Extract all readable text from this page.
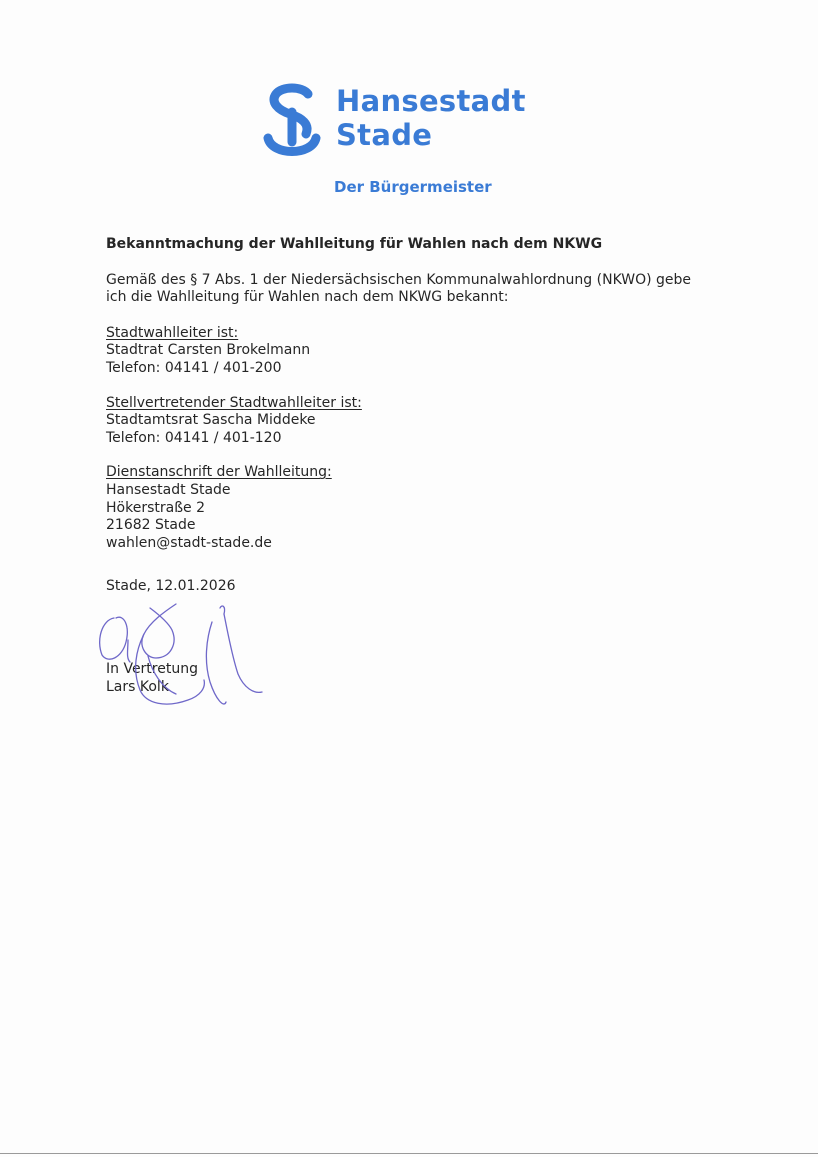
Hansestadt
Stade
Der Bürgermeister
Bekanntmachung der Wahlleitung für Wahlen nach dem NKWG
Gemäß des § 7 Abs. 1 der Niedersächsischen Kommunalwahlordnung (NKWO) gebe
ich die Wahlleitung für Wahlen nach dem NKWG bekannt:
Stadtwahlleiter ist:
Stadtrat Carsten Brokelmann
Telefon: 04141 / 401-200
Stellvertretender Stadtwahlleiter ist:
Stadtamtsrat Sascha Middeke
Telefon: 04141 / 401-120
Dienstanschrift der Wahlleitung:
Hansestadt Stade
Hökerstraße 2
21682 Stade
wahlen@stadt-stade.de
Stade, 12.01.2026
In Vertretung
Lars Kolk
